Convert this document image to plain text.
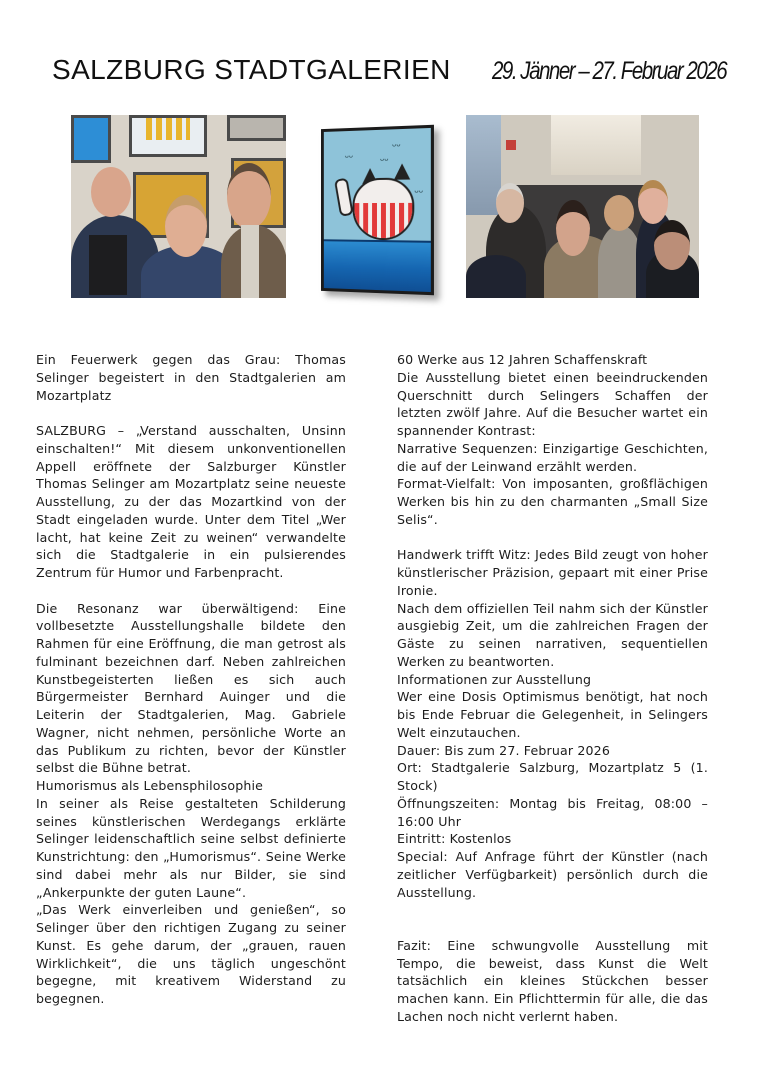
SALZBURG STADTGALERIEN 29. Jänner – 27. Februar 2026
ᴗᴗ
ᴗᴗ	ᴗᴗ
ᴗᴗ

Ein Feuerwerk gegen das Grau: Thomas Selinger begeistert in den Stadtgalerien am Mozartplatz

SALZBURG – „Verstand ausschalten, Unsinn einschalten!“ Mit diesem unkonventionellen Appell eröffnete der Salzburger Künstler Thomas Selinger am Mozartplatz seine neueste Ausstellung, zu der das Mozartkind von der Stadt eingeladen wurde. Unter dem Titel „Wer lacht, hat keine Zeit zu weinen“ verwandelte sich die Stadtgalerie in ein pulsierendes Zentrum für Humor und Farbenpracht.

Die Resonanz war überwältigend: Eine vollbesetzte Ausstellungshalle bildete den Rahmen für eine Eröffnung, die man getrost als fulminant bezeichnen darf. Neben zahlreichen Kunstbegeisterten ließen es sich auch Bürgermeister Bernhard Auinger und die Leiterin der Stadtgalerien, Mag. Gabriele Wagner, nicht nehmen, persönliche Worte an das Publikum zu richten, bevor der Künstler selbst die Bühne betrat.

Humorismus als Lebensphilosophie

In seiner als Reise gestalteten Schilderung seines künstlerischen Werdegangs erklärte Selinger leidenschaftlich seine selbst definierte Kunstrichtung: den „Humorismus“. Seine Werke sind dabei mehr als nur Bilder, sie sind „Ankerpunkte der guten Laune“.

„Das Werk einverleiben und genießen“, so Selinger über den richtigen Zugang zu seiner Kunst. Es gehe darum, der „grauen, rauen Wirklichkeit“, die uns täglich ungeschönt begegne, mit kreativem Widerstand zu begegnen.

60 Werke aus 12 Jahren Schaffenskraft

Die Ausstellung bietet einen beeindruckenden Querschnitt durch Selingers Schaffen der letzten zwölf Jahre. Auf die Besucher wartet ein spannender Kontrast:

Narrative Sequenzen: Einzigartige Geschichten, die auf der Leinwand erzählt werden.

Format-Vielfalt: Von imposanten, großflächigen Werken bis hin zu den charmanten „Small Size Selis“.

Handwerk trifft Witz: Jedes Bild zeugt von hoher künstlerischer Präzision, gepaart mit einer Prise Ironie.

Nach dem offiziellen Teil nahm sich der Künstler ausgiebig Zeit, um die zahlreichen Fragen der Gäste zu seinen narrativen, sequentiellen Werken zu beantworten.

Informationen zur Ausstellung

Wer eine Dosis Optimismus benötigt, hat noch bis Ende Februar die Gelegenheit, in Selingers Welt einzutauchen.

Dauer: Bis zum 27. Februar 2026

Ort: Stadtgalerie Salzburg, Mozartplatz 5 (1. Stock)

Öffnungszeiten: Montag bis Freitag, 08:00 – 16:00 Uhr

Eintritt: Kostenlos

Special: Auf Anfrage führt der Künstler (nach zeitlicher Verfügbarkeit) persönlich durch die Ausstellung.

Fazit: Eine schwungvolle Ausstellung mit Tempo, die beweist, dass Kunst die Welt tatsächlich ein kleines Stückchen besser machen kann. Ein Pflichttermin für alle, die das Lachen noch nicht verlernt haben.
